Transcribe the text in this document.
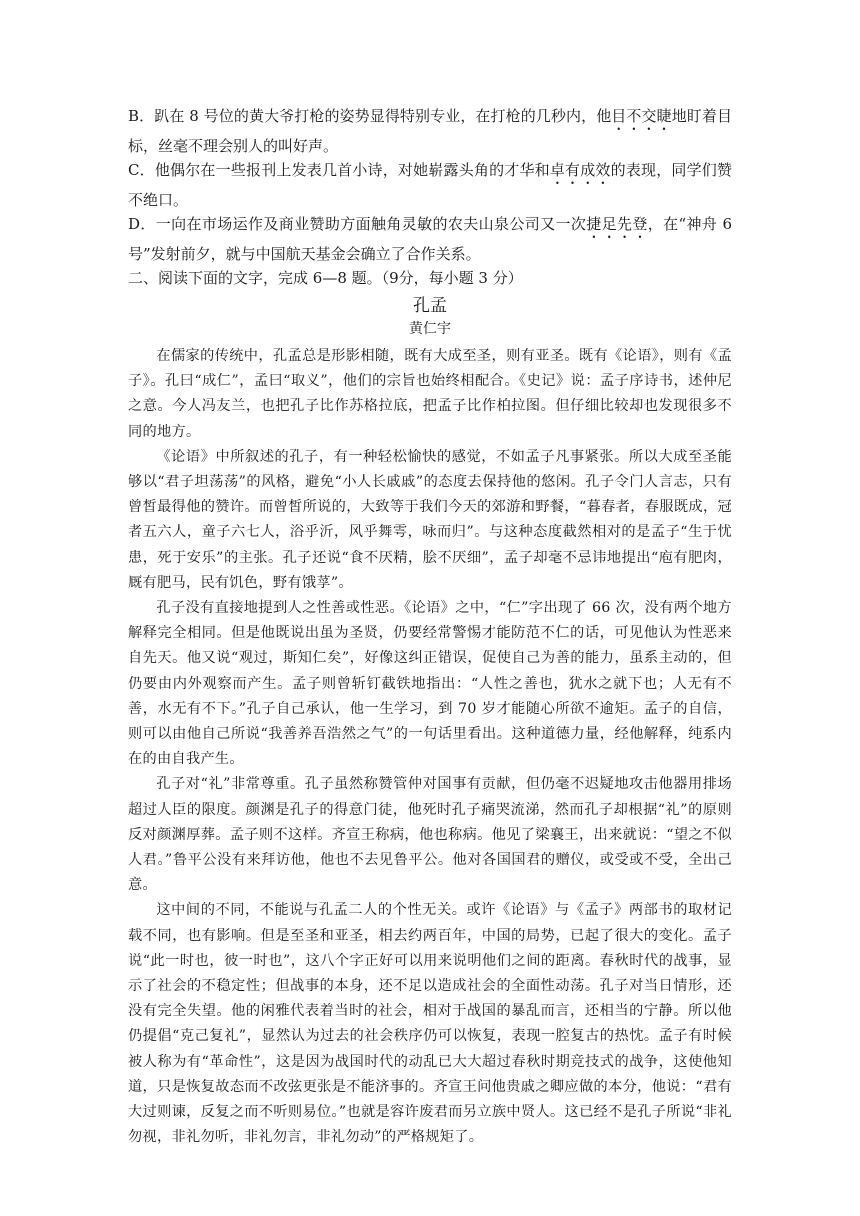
B．趴在 8 号位的黄大爷打枪的姿势显得特别专业，在打枪的几秒内，他目不交睫地盯着目标，丝毫不理会别人的叫好声。

C．他偶尔在一些报刊上发表几首小诗，对她崭露头角的才华和卓有成效的表现，同学们赞不绝口。

D．一向在市场运作及商业赞助方面触角灵敏的农夫山泉公司又一次捷足先登，在“神舟 6 号”发射前夕，就与中国航天基金会确立了合作关系。

二、阅读下面的文字，完成 6—8 题。（9分，每小题 3 分）

孔孟
黄仁宇

在儒家的传统中，孔孟总是形影相随，既有大成至圣，则有亚圣。既有《论语》，则有《孟子》。孔曰“成仁”，孟曰“取义”，他们的宗旨也始终相配合。《史记》说：孟子序诗书，述仲尼之意。今人冯友兰，也把孔子比作苏格拉底，把孟子比作柏拉图。但仔细比较却也发现很多不同的地方。

《论语》中所叙述的孔子，有一种轻松愉快的感觉，不如孟子凡事紧张。所以大成至圣能够以“君子坦荡荡”的风格，避免“小人长戚戚”的态度去保持他的悠闲。孔子令门人言志，只有曾皙最得他的赞许。而曾皙所说的，大致等于我们今天的郊游和野餐，“暮春者，春服既成，冠者五六人，童子六七人，浴乎沂，风乎舞雩，咏而归”。与这种态度截然相对的是孟子“生于忧患，死于安乐”的主张。孔子还说“食不厌精，脍不厌细”，孟子却毫不忌讳地提出“庖有肥肉，厩有肥马，民有饥色，野有饿莩”。

孔子没有直接地提到人之性善或性恶。《论语》之中，“仁”字出现了 66 次，没有两个地方解释完全相同。但是他既说出虽为圣贤，仍要经常警惕才能防范不仁的话，可见他认为性恶来自先天。他又说“观过，斯知仁矣”，好像这纠正错误，促使自己为善的能力，虽系主动的，但仍要由内外观察而产生。孟子则曾斩钉截铁地指出：“人性之善也，犹水之就下也；人无有不善，水无有不下。”孔子自己承认，他一生学习，到 70 岁才能随心所欲不逾矩。孟子的自信，则可以由他自己所说“我善养吾浩然之气”的一句话里看出。这种道德力量，经他解释，纯系内在的由自我产生。

孔子对“礼”非常尊重。孔子虽然称赞管仲对国事有贡献，但仍毫不迟疑地攻击他器用排场超过人臣的限度。颜渊是孔子的得意门徒，他死时孔子痛哭流涕，然而孔子却根据“礼”的原则反对颜渊厚葬。孟子则不这样。齐宣王称病，他也称病。他见了梁襄王，出来就说：“望之不似人君。”鲁平公没有来拜访他，他也不去见鲁平公。他对各国国君的赠仪，或受或不受，全出己意。

这中间的不同，不能说与孔孟二人的个性无关。或许《论语》与《孟子》两部书的取材记载不同，也有影响。但是至圣和亚圣，相去约两百年，中国的局势，已起了很大的变化。孟子说“此一时也，彼一时也”，这八个字正好可以用来说明他们之间的距离。春秋时代的战事，显示了社会的不稳定性；但战事的本身，还不足以造成社会的全面性动荡。孔子对当日情形，还没有完全失望。他的闲雅代表着当时的社会，相对于战国的暴乱而言，还相当的宁静。所以他仍提倡“克己复礼”，显然认为过去的社会秩序仍可以恢复，表现一腔复古的热忱。孟子有时候被人称为有“革命性”，这是因为战国时代的动乱已大大超过春秋时期竞技式的战争，这使他知道，只是恢复故态而不改弦更张是不能济事的。齐宣王问他贵戚之卿应做的本分，他说：“君有大过则谏，反复之而不听则易位。”也就是容许废君而另立族中贤人。这已经不是孔子所说“非礼勿视，非礼勿听，非礼勿言，非礼勿动”的严格规矩了。
